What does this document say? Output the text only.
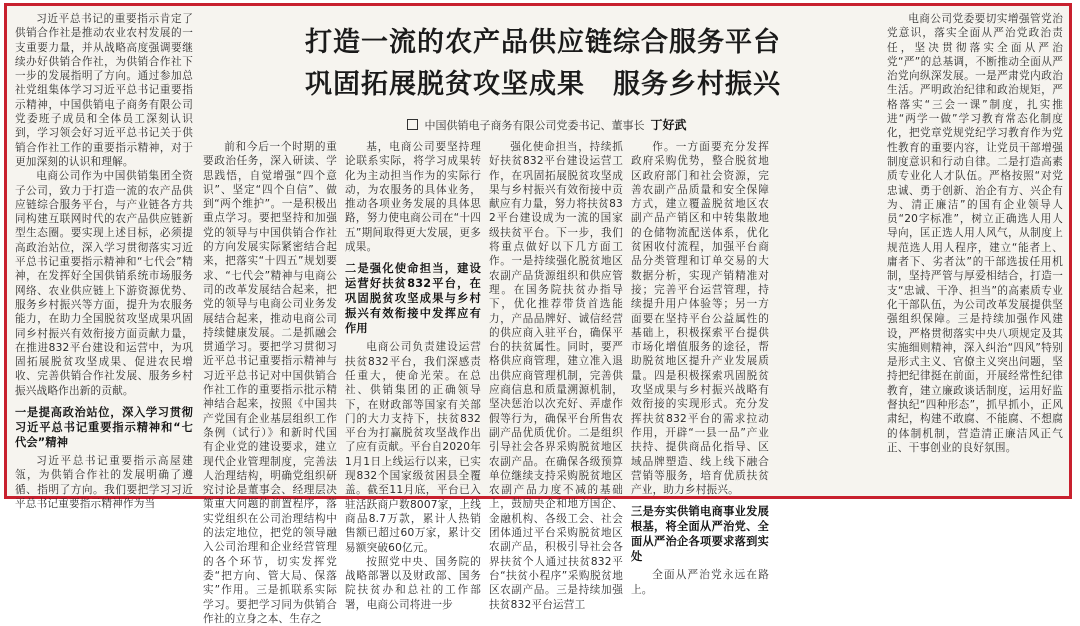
习近平总书记的重要指示肯定了供销合作社是推动农业农村发展的一支重要力量，并从战略高度强调要继续办好供销合作社，为供销合作社下一步的发展指明了方向。通过参加总社党组集体学习习近平总书记重要指示精神，中国供销电子商务有限公司党委班子成员和全体员工深刻认识到，学习领会好习近平总书记关于供销合作社工作的重要指示精神，对于更加深刻的认识和理解。

电商公司作为中国供销集团全资子公司，致力于打造一流的农产品供应链综合服务平台，与产业链各方共同构建互联网时代的农产品供应链新型生态圈。要实现上述目标，必须提高政治站位，深入学习贯彻落实习近平总书记重要指示精神和“七代会”精神，在发挥好全国供销系统市场服务网络、农业供应链上下游资源优势、服务乡村振兴等方面，提升为农服务能力，在助力全国脱贫攻坚成果巩固同乡村振兴有效衔接方面贡献力量，在推进832平台建设和运营中，为巩固拓展脱贫攻坚成果、促进农民增收、完善供销合作社发展、服务乡村振兴战略作出新的贡献。

一是提高政治站位，深入学习贯彻习近平总书记重要指示精神和“七代会”精神

习近平总书记重要指示高屋建瓴，为供销合作社的发展明确了遵循、指明了方向。我们要把学习习近平总书记重要指示精神作为当

打造一流的农产品供应链综合服务平台
巩固拓展脱贫攻坚成果　服务乡村振兴
中国供销电子商务有限公司党委书记、董事长 丁好武

前和今后一个时期的重要政治任务，深入研读、学思践悟，自觉增强“四个意识”、坚定“四个自信”、做到“两个维护”。一是积极出重点学习。要把坚持和加强党的领导与中国供销合作社的方向发展实际紧密结合起来，把落实“十四五”规划要求、“七代会”精神与电商公司的改革发展结合起来，把党的领导与电商公司业务发展结合起来，推动电商公司持续健康发展。二是抓融会贯通学习。要把学习贯彻习近平总书记重要指示精神与习近平总书记对中国供销合作社工作的重要指示批示精神结合起来，按照《中国共产党国有企业基层组织工作条例（试行）》和新时代国有企业党的建设要求，建立现代企业管理制度，完善法人治理结构，明确党组织研究讨论是董事会、经理层决策重大问题的前置程序，落实党组织在公司治理结构中的法定地位，把党的领导融入公司治理和企业经营管理的各个环节，切实发挥党委“把方向、管大局、保落实”作用。三是抓联系实际学习。要把学习同为供销合作社的立身之本、生存之

基，电商公司要坚持理论联系实际，将学习成果转化为主动担当作为的实际行动，为农服务的具体业务，推动各项业务发展的具体思路，努力使电商公司在“十四五”期间取得更大发展，更多成果。

二是强化使命担当，建设运营好扶贫832平台，在巩固脱贫攻坚成果与乡村振兴有效衔接中发挥应有作用

电商公司负责建设运营扶贫832平台，我们深感责任重大，使命光荣。在总社、供销集团的正确领导下，在财政部等国家有关部门的大力支持下，扶贫832平台为打赢脱贫攻坚战作出了应有贡献。平台自2020年1月1日上线运行以来，已实现832个国家级贫困县全覆盖。截至11月底，平台已入驻活跃商户数8007家，上线商品8.7万款，累计人热销售额已超过60万家，累计交易额突破60亿元。

按照党中央、国务院的战略部署以及财政部、国务院扶贫办和总社的工作部署，电商公司将进一步

强化使命担当，持续抓好扶贫832平台建设运营工作，在巩固拓展脱贫攻坚成果与乡村振兴有效衔接中贡献应有力量，努力将扶贫832平台建设成为一流的国家级扶贫平台。下一步，我们将重点做好以下几方面工作。一是持续强化脱贫地区农副产品货源组织和供应管理。在国务院扶贫办指导下，优化推荐带货首选能力，产品品牌好、诚信经营的供应商入驻平台，确保平台的扶贫属性。同时，要严格供应商管理，建立准入退出供应商管理机制，完善供应商信息和质量溯源机制，坚决惩治以次充好、弄虚作假等行为，确保平台所售农副产品优质优价。二是组织引导社会各界采购脱贫地区农副产品。在确保各级预算单位继续支持采购脱贫地区农副产品力度不减的基础上，鼓励央企和地方国企、金融机构、各级工会、社会团体通过平台采购脱贫地区农副产品，积极引导社会各界扶贫个人通过扶贫832平台“扶贫小程序”采购脱贫地区农副产品。三是持续加强扶贫832平台运营工

作。一方面要充分发挥政府采购优势，整合脱贫地区政府部门和社会资源，完善农副产品质量和安全保障方式，建立覆盖脱贫地区农副产品产销区和中转集散地的仓储物流配送体系，优化贫困收付流程，加强平台商品分类管理和订单交易的大数据分析，实现产销精准对接；完善平台运营管理，持续提升用户体验等；另一方面要在坚持平台公益属性的基础上，积极探索平台提供市场化增值服务的途径，帮助脱贫地区提升产业发展质量。四是积极探索巩固脱贫攻坚成果与乡村振兴战略有效衔接的实现形式。充分发挥扶贫832平台的需求拉动作用，开辟“一县一品”产业扶持、提供商品化指导、区域品牌塑造、线上线下融合营销等服务，培育优质扶贫产业，助力乡村振兴。

三是夯实供销电商事业发展根基，将全面从严治党、全面从严治企各项要求落到实处

全面从严治党永远在路上。

电商公司党委要切实增强管党治党意识，落实全面从严治党政治责任，坚决贯彻落实全面从严治党“严”的总基调，不断推动全面从严治党向纵深发展。一是严肃党内政治生活。严明政治纪律和政治规矩，严格落实“三会一课”制度，扎实推进“两学一做”学习教育常态化制度化，把党章党规党纪学习教育作为党性教育的重要内容，让党员干部增强制度意识和行动自律。二是打造高素质专业化人才队伍。严格按照“对党忠诚、勇于创新、治企有方、兴企有为、清正廉洁”的国有企业领导人员“20字标准”，树立正确选人用人导向，匡正选人用人风气，从制度上规范选人用人程序，建立“能者上、庸者下、劣者汰”的干部选拔任用机制，坚持严管与厚爱相结合，打造一支“忠诚、干净、担当”的高素质专业化干部队伍，为公司改革发展提供坚强组织保障。三是持续加强作风建设，严格贯彻落实中央八项规定及其实施细则精神，深入纠治“四风”特别是形式主义、官僚主义突出问题，坚持把纪律挺在前面，开展经常性纪律教育，建立廉政谈话制度，运用好监督执纪“四种形态”，抓早抓小，正风肃纪，构建不敢腐、不能腐、不想腐的体制机制，营造清正廉洁风正气正、干事创业的良好氛围。
